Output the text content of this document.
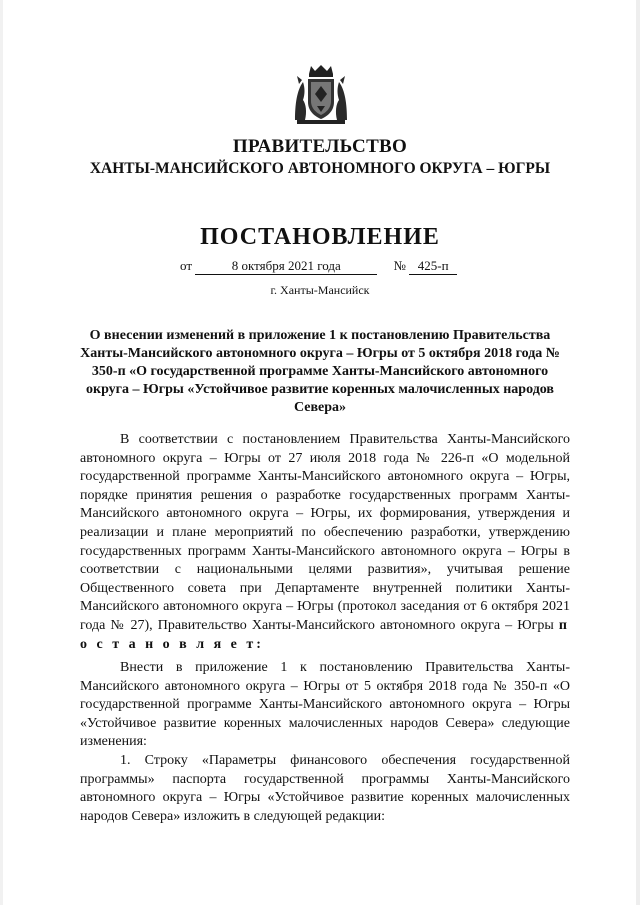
ПРАВИТЕЛЬСТВО
ХАНТЫ-МАНСИЙСКОГО АВТОНОМНОГО ОКРУГА – ЮГРЫ
ПОСТАНОВЛЕНИЕ
от	8 октября 2021 года	№ 425-п
г. Ханты-Мансийск
О внесении изменений в приложение 1 к постановлению Правительства Ханты-Мансийского автономного округа – Югры от 5 октября 2018 года № 350-п «О государственной программе Ханты-Мансийского автономного округа – Югры «Устойчивое развитие коренных малочисленных народов Севера»

В соответствии с постановлением Правительства Ханты-Мансийского автономного округа – Югры от 27 июля 2018 года № 226-п «О модельной государственной программе Ханты-Мансийского автономного округа – Югры, порядке принятия решения о разработке государственных программ Ханты-Мансийского автономного округа – Югры, их формирования, утверждения и реализации и плане мероприятий по обеспечению разработки, утверждению государственных программ Ханты-Мансийского автономного округа – Югры в соответствии с национальными целями развития», учитывая решение Общественного совета при Департаменте внутренней политики Ханты-Мансийского автономного округа – Югры (протокол заседания от 6 октября 2021 года № 27), Правительство Ханты-Мансийского автономного округа – Югры п о с т а н о в л я е т:

Внести в приложение 1 к постановлению Правительства Ханты-Мансийского автономного округа – Югры от 5 октября 2018 года № 350-п «О государственной программе Ханты-Мансийского автономного округа – Югры «Устойчивое развитие коренных малочисленных народов Севера» следующие изменения:

1. Строку «Параметры финансового обеспечения государственной программы» паспорта государственной программы Ханты-Мансийского автономного округа – Югры «Устойчивое развитие коренных малочисленных народов Севера» изложить в следующей редакции:
